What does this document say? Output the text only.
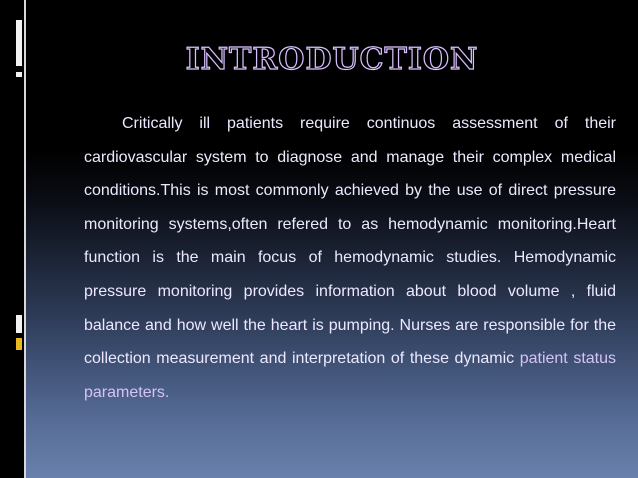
INTRODUCTION

Critically ill patients require continuos assessment of their cardiovascular system to diagnose and manage their complex medical conditions.This is most commonly achieved by the use of direct pressure monitoring systems,often refered to as hemodynamic monitoring.Heart function is the main focus of hemodynamic studies. Hemodynamic pressure monitoring provides information about blood volume , fluid balance and how well the heart is pumping. Nurses are responsible for the collection measurement and interpretation of these dynamic patient status parameters.
